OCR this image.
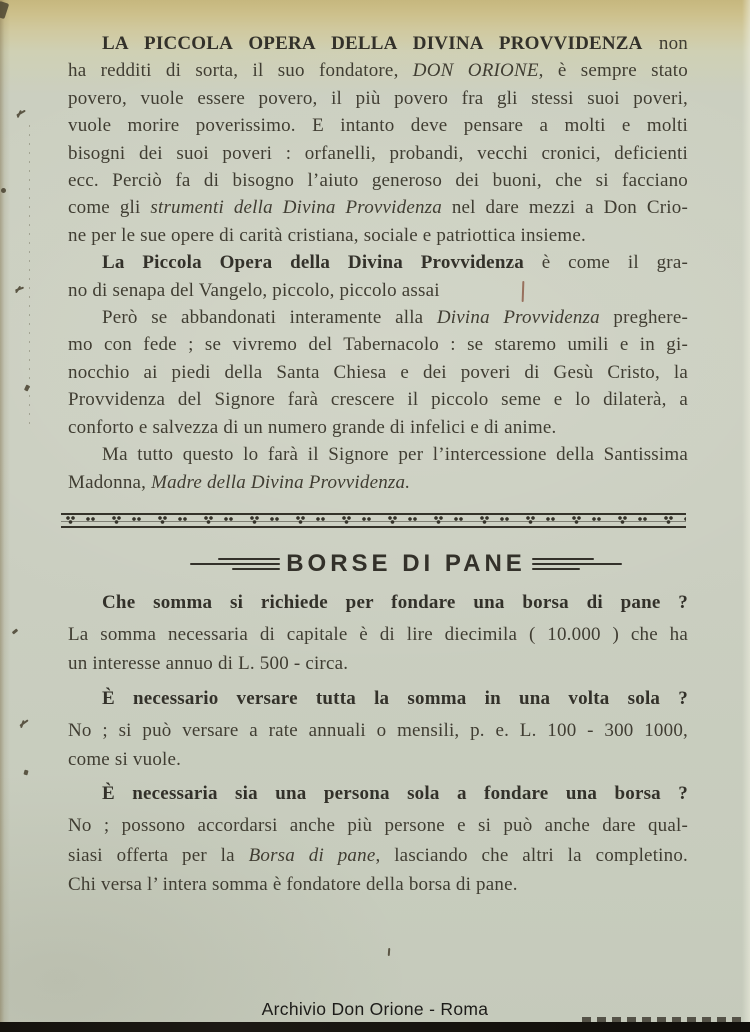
LA PICCOLA OPERA DELLA DIVINA PROVVIDENZA non
ha redditi di sorta, il suo fondatore, DON ORIONE, è sempre stato
povero, vuole essere povero, il più povero fra gli stessi suoi poveri,
vuole morire poverissimo. E intanto deve pensare a molti e molti
bisogni dei suoi poveri : orfanelli, probandi, vecchi cronici, deficienti
ecc. Perciò fa di bisogno l’aiuto generoso dei buoni, che si facciano
come gli strumenti della Divina Provvidenza nel dare mezzi a Don Crio-
ne per le sue opere di carità cristiana, sociale e patriottica insieme.
La Piccola Opera della Divina Provvidenza è come il gra-
no di senapa del Vangelo, piccolo, piccolo assai
Però se abbandonati interamente alla Divina Provvidenza preghere-
mo con fede ; se vivremo del Tabernacolo : se staremo umili e in gi-
nocchio ai piedi della Santa Chiesa e dei poveri di Gesù Cristo, la
Provvidenza del Signore farà crescere il piccolo seme e lo dilaterà, a
conforto e salvezza di un numero grande di infelici e di anime.
Ma tutto questo lo farà il Signore per l’intercessione della Santissima
Madonna, Madre della Divina Provvidenza.
BORSE DI PANE
Che somma si richiede per fondare una borsa di pane ?
La somma necessaria di capitale è di lire diecimila ( 10.000 ) che ha
un interesse annuo di L. 500 - circa.
È necessario versare tutta la somma in una volta sola ?
No ; si può versare a rate annuali o mensili, p. e. L. 100 - 300 1000,
come si vuole.
È necessaria sia una persona sola a fondare una borsa ?
No ; possono accordarsi anche più persone e si può anche dare qual-
siasi offerta per la Borsa di pane, lasciando che altri la completino.
Chi versa l’ intera somma è fondatore della borsa di pane.
Archivio Don Orione - Roma
